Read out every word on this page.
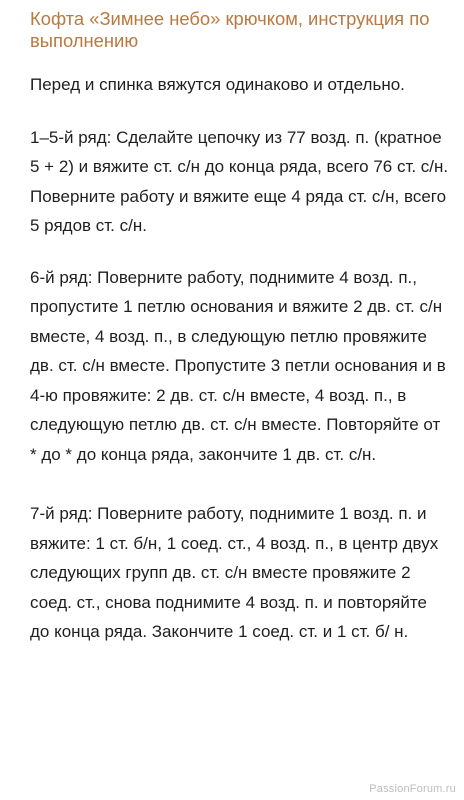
Кофта «Зимнее небо» крючком, инструкция по выполнению

Перед и спинка вяжутся одинаково и отдельно.

1–5-й ряд: Сделайте цепочку из 77 возд. п. (кратное 5 + 2) и вяжите ст. с/н до конца ряда, всего 76 ст. с/н. Поверните работу и вяжите еще 4 ряда ст. с/н, всего 5 рядов ст. с/н.

6-й ряд: Поверните работу, поднимите 4 возд. п., пропустите 1 петлю основания и вяжите 2 дв. ст. с/н вместе, 4 возд. п., в следующую петлю провяжите дв. ст. с/н вместе. Пропустите 3 петли основания и в 4-ю провяжите: 2 дв. ст. с/н вместе, 4 возд. п., в следующую петлю дв. ст. с/н вместе. Повторяйте от * до * до конца ряда, закончите 1 дв. ст. с/н.

7-й ряд: Поверните работу, поднимите 1 возд. п. и вяжите: 1 ст. б/н, 1 соед. ст., 4 возд. п., в центр двух следующих групп дв. ст. с/н вместе провяжите 2 соед. ст., снова поднимите 4 возд. п. и повторяйте до конца ряда. Закончите 1 соед. ст. и 1 ст. б/ н.

PassionForum.ru
